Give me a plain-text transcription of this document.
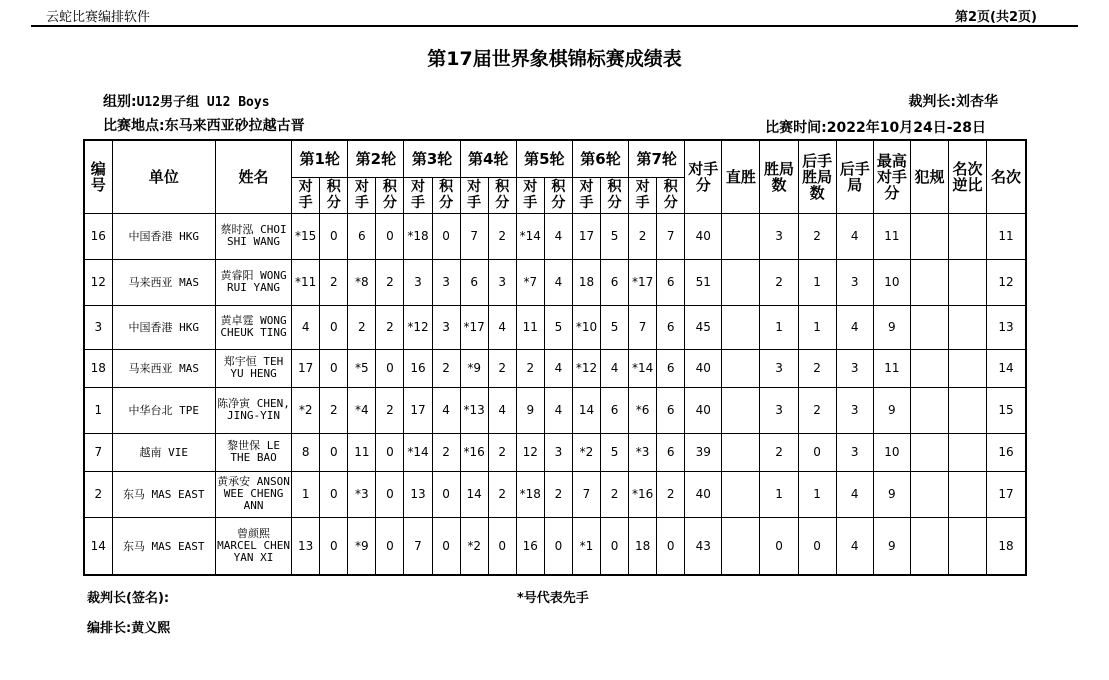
云蛇比赛编排软件	第2页(共2页)
第17届世界象棋锦标赛成绩表
组别:U12男子组 U12 Boys	裁判长:刘杏华
比赛地点:东马来西亚砂拉越古晋	比赛时间:2022年10月24日-28日
编号	单位	姓名	第1轮		第2轮		第3轮		第4轮		第5轮		第6轮		第7轮		对手分	直胜	胜局数	后手胜局数	后手局	最高对手分	犯规	名次逆比	名次
			对手	积分	对手	积分	对手	积分	对手	积分	对手	积分	对手	积分	对手	积分									
16	中国香港 HKG	蔡时泓 CHOI SHI WANG	*15	0	6	0	*18	0	7	2	*14	4	17	5	2	7	40		3	2	4	11			11
12	马来西亚 MAS	黄睿阳 WONG RUI YANG	*11	2	*8	2	3	3	6	3	*7	4	18	6	*17	6	51		2	1	3	10			12
3	中国香港 HKG	黄卓霆 WONG CHEUK TING	4	0	2	2	*12	3	*17	4	11	5	*10	5	7	6	45		1	1	4	9			13
18	马来西亚 MAS	郑宇恒 TEH YU HENG	17	0	*5	0	16	2	*9	2	2	4	*12	4	*14	6	40		3	2	3	11			14
1	中华台北 TPE	陈净寅 CHEN, JING-YIN	*2	2	*4	2	17	4	*13	4	9	4	14	6	*6	6	40		3	2	3	9			15
7	越南 VIE	黎世保 LE THE BAO	8	0	11	0	*14	2	*16	2	12	3	*2	5	*3	6	39		2	0	3	10			16
2	东马 MAS EAST	黄承安 ANSON WEE CHENG ANN	1	0	*3	0	13	0	14	2	*18	2	7	2	*16	2	40		1	1	4	9			17
14	东马 MAS EAST	曾颜熙 MARCEL CHEN YAN XI	13	0	*9	0	7	0	*2	0	16	0	*1	0	18	0	43		0	0	4	9			18
裁判长(签名):	*号代表先手
编排长:黄义熙
